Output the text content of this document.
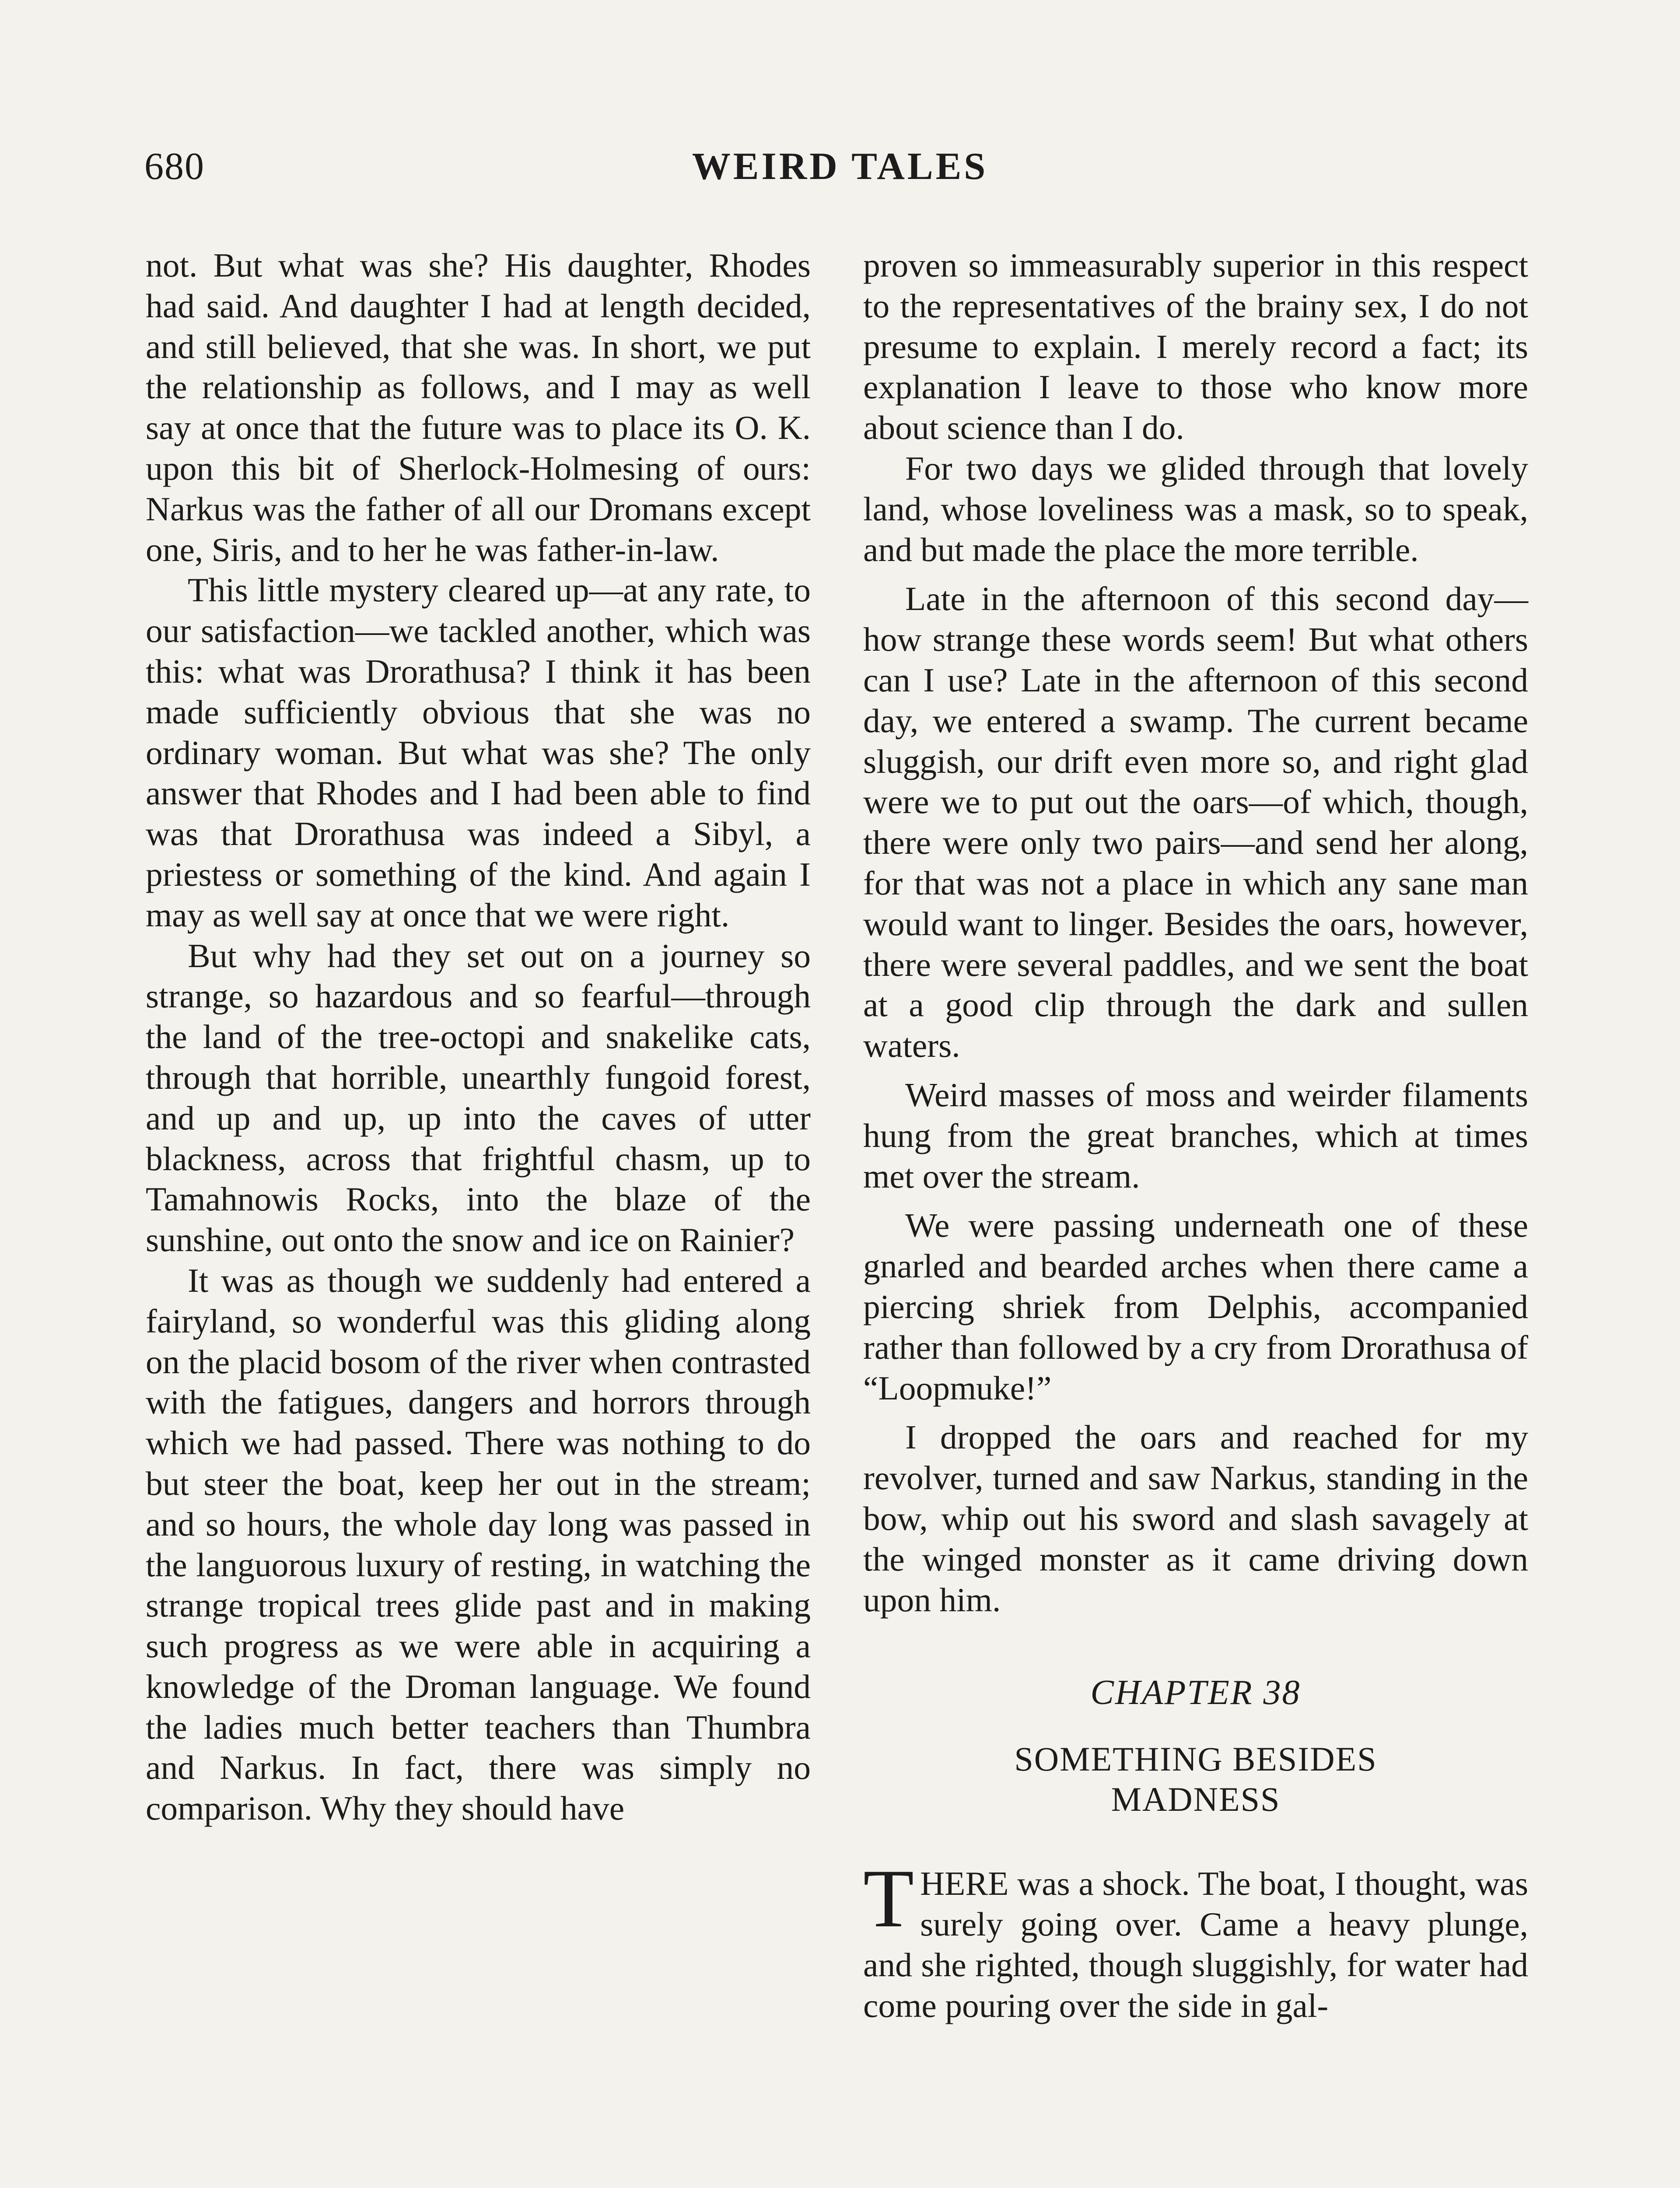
680	WEIRD TALES

not. But what was she? His daughter, Rhodes had said. And daughter I had at length decided, and still believed, that she was. In short, we put the relationship as follows, and I may as well say at once that the future was to place its O. K. upon this bit of Sherlock-Holmesing of ours: Narkus was the father of all our Dromans except one, Siris, and to her he was father-in-law.

This little mystery cleared up—at any rate, to our satisfaction—we tackled another, which was this: what was Drorathusa? I think it has been made sufficiently obvious that she was no ordinary woman. But what was she? The only answer that Rhodes and I had been able to find was that Drorathusa was indeed a Sibyl, a priestess or something of the kind. And again I may as well say at once that we were right.

But why had they set out on a journey so strange, so hazardous and so fearful—through the land of the tree-octopi and snakelike cats, through that horrible, unearthly fungoid forest, and up and up, up into the caves of utter blackness, across that frightful chasm, up to Tamahnowis Rocks, into the blaze of the sunshine, out onto the snow and ice on Rainier?

It was as though we suddenly had entered a fairyland, so wonderful was this gliding along on the placid bosom of the river when contrasted with the fatigues, dangers and horrors through which we had passed. There was nothing to do but steer the boat, keep her out in the stream; and so hours, the whole day long was passed in the languorous luxury of resting, in watching the strange tropical trees glide past and in making such progress as we were able in acquiring a knowledge of the Droman language. We found the ladies much better teachers than Thumbra and Narkus. In fact, there was simply no comparison. Why they should have

proven so immeasurably superior in this respect to the representatives of the brainy sex, I do not presume to explain. I merely record a fact; its explanation I leave to those who know more about science than I do.

For two days we glided through that lovely land, whose loveliness was a mask, so to speak, and but made the place the more terrible.

Late in the afternoon of this second day—how strange these words seem! But what others can I use? Late in the afternoon of this second day, we entered a swamp. The current became sluggish, our drift even more so, and right glad were we to put out the oars—of which, though, there were only two pairs—and send her along, for that was not a place in which any sane man would want to linger. Besides the oars, however, there were several paddles, and we sent the boat at a good clip through the dark and sullen waters.

Weird masses of moss and weirder filaments hung from the great branches, which at times met over the stream.

We were passing underneath one of these gnarled and bearded arches when there came a piercing shriek from Delphis, accompanied rather than followed by a cry from Drorathusa of “Loopmuke!”

I dropped the oars and reached for my revolver, turned and saw Narkus, standing in the bow, whip out his sword and slash savagely at the winged monster as it came driving down upon him.

CHAPTER 38
SOMETHING BESIDES
MADNESS

THERE was a shock. The boat, I thought, was surely going over. Came a heavy plunge, and she righted, though sluggishly, for water had come pouring over the side in gal-
